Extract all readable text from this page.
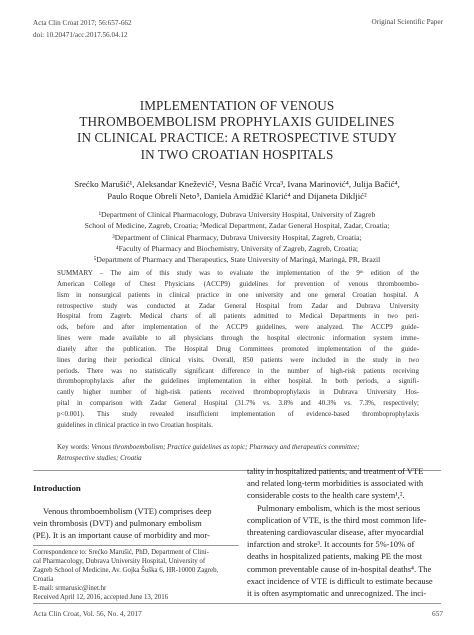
Acta Clin Croat 2017; 56:657-662
doi: 10.20471/acc.2017.56.04.12
Original Scientific Paper
IMPLEMENTATION OF VENOUS
THROMBOEMBOLISM PROPHYLAXIS GUIDELINES
IN CLINICAL PRACTICE: A RETROSPECTIVE STUDY
IN TWO CROATIAN HOSPITALS
Srećko Marušić¹, Aleksandar Knežević², Vesna Bačić Vrca³, Ivana Marinović⁴, Julija Bačić⁴,
Paulo Roque Obreli Neto⁵, Daniela Amidžić Klarić⁴ and Dijaneta Dikljić²
¹Department of Clinical Pharmacology, Dubrava University Hospital, University of Zagreb
School of Medicine, Zagreb, Croatia; ²Medical Department, Zadar General Hospital, Zadar, Croatia;
³Department of Clinical Pharmacy, Dubrava University Hospital, Zagreb, Croatia;
⁴Faculty of Pharmacy and Biochemistry, University of Zagreb, Zagreb, Croatia;
⁵Department of Pharmacy and Therapeutics, State University of Maringá, Maringá, PR, Brazil
SUMMARY – The aim of this study was to evaluate the implementation of the 9ᵗʰ edition of the
American College of Chest Physicians (ACCP9) guidelines for prevention of venous thromboembo-
lism in nonsurgical patients in clinical practice in one university and one general Croatian hospital. A
retrospective study was conducted at Zadar General Hospital from Zadar and Dubrava University
Hospital from Zagreb. Medical charts of all patients admitted to Medical Departments in two peri-
ods, before and after implementation of the ACCP9 guidelines, were analyzed. The ACCP9 guide-
lines were made available to all physicians through the hospital electronic information system imme-
diately after the publication. The Hospital Drug Committees promoted implementation of the guide-
lines during their periodical clinical visits. Overall, 850 patients were included in the study in two
periods. There was no statistically significant difference in the number of high-risk patients receiving
thromboprophylaxis after the guidelines implementation in either hospital. In both periods, a signifi-
cantly higher number of high-risk patients received thromboprophylaxis in Dubrava University Hos-
pital in comparison with Zadar General Hospital (31.7% vs. 3.8% and 40.3% vs. 7.3%, respectively;
p<0.001). This study revealed insufficient implementation of evidence-based thromboprophylaxis
guidelines in clinical practice in two Croatian hospitals.
Key words: Venous thromboembolism; Practice guidelines as topic; Pharmacy and therapeutics committee;
Retrospective studies; Croatia
Introduction
Venous thromboembolism (VTE) comprises deep
vein thrombosis (DVT) and pulmonary embolism
(PE). It is an important cause of morbidity and mor-
Correspondence to: Srećko Marušić, PhD, Department of Clini-
cal Pharmacology, Dubrava University Hospital, University of
Zagreb School of Medicine, Av. Gojka Šuška 6, HR-10000 Zagreb,
Croatia
E-mail: srmarusic@inet.hr
Received April 12, 2016, accepted June 13, 2016
tality in hospitalized patients, and treatment of VTE
and related long-term morbidities is associated with
considerable costs to the health care system¹,².
Pulmonary embolism, which is the most serious
complication of VTE, is the third most common life-
threatening cardiovascular disease, after myocardial
infarction and stroke³. It accounts for 5%-10% of
deaths in hospitalized patients, making PE the most
common preventable cause of in-hospital deaths⁴. The
exact incidence of VTE is difficult to estimate because
it is often asymptomatic and unrecognized. The inci-
Acta Clin Croat, Vol. 56, No. 4, 2017	657
